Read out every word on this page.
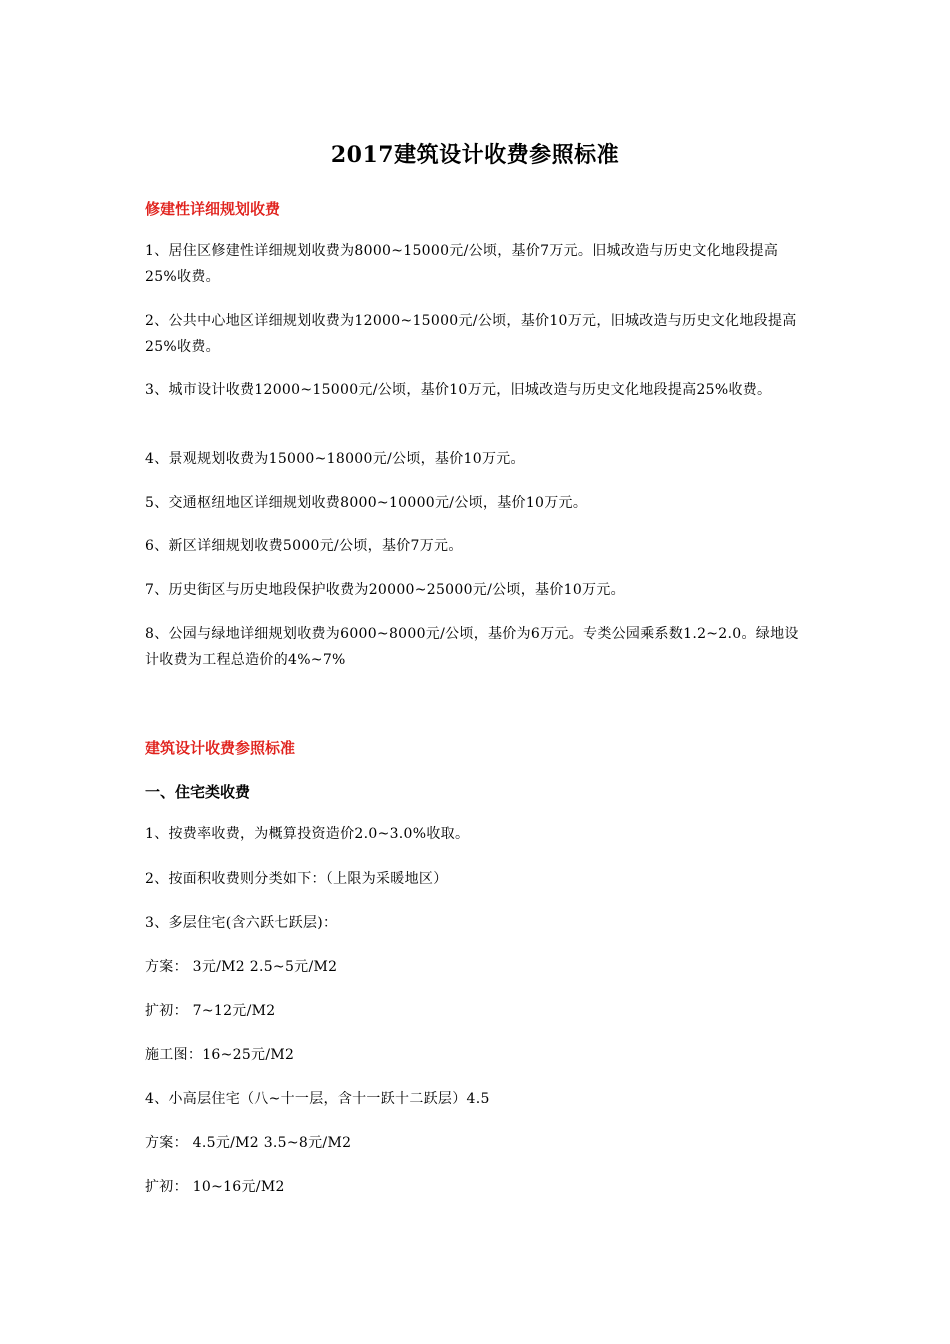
2017建筑设计收费参照标准
修建性详细规划收费

1、居住区修建性详细规划收费为8000~15000元/公顷，基价7万元。旧城改造与历史文化地段提高25%收费。

2、公共中心地区详细规划收费为12000~15000元/公顷，基价10万元，旧城改造与历史文化地段提高25%收费。

3、城市设计收费12000~15000元/公顷，基价10万元，旧城改造与历史文化地段提高25%收费。

4、景观规划收费为15000~18000元/公顷，基价10万元。

5、交通枢纽地区详细规划收费8000~10000元/公顷，基价10万元。

6、新区详细规划收费5000元/公顷，基价7万元。

7、历史街区与历史地段保护收费为20000~25000元/公顷，基价10万元。

8、公园与绿地详细规划收费为6000~8000元/公顷，基价为6万元。专类公园乘系数1.2~2.0。绿地设计收费为工程总造价的4%~7%

建筑设计收费参照标准
一、住宅类收费

1、按费率收费，为概算投资造价2.0~3.0%收取。

2、按面积收费则分类如下：（上限为采暖地区）

3、多层住宅(含六跃七跃层)：

方案： 3元/M2 2.5~5元/M2

扩初： 7~12元/M2

施工图：16~25元/M2

4、小高层住宅（八~十一层，含十一跃十二跃层）4.5

方案： 4.5元/M2 3.5~8元/M2

扩初： 10~16元/M2
